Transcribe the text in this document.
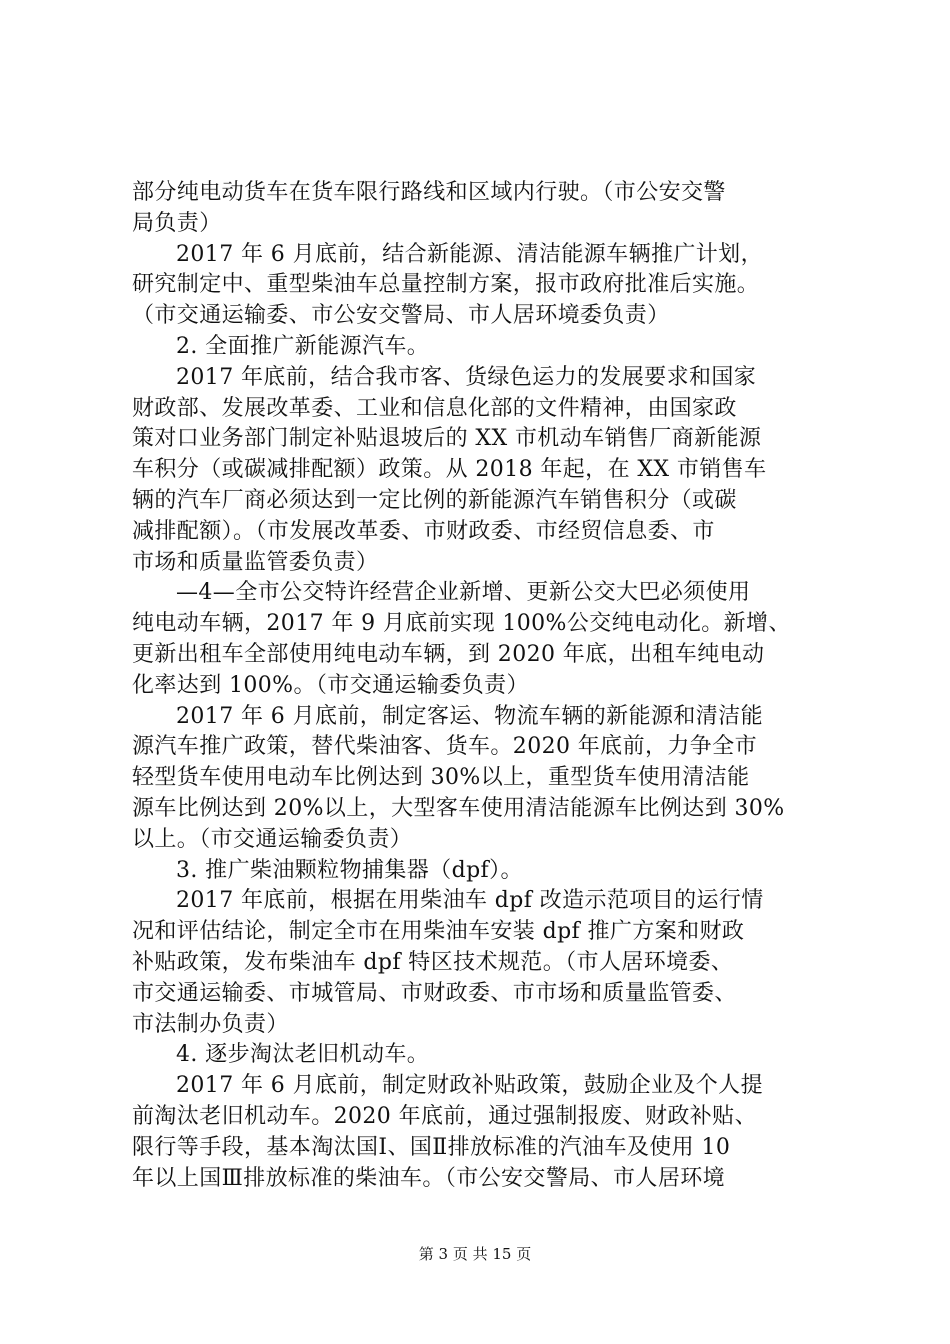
部分纯电动货车在货车限行路线和区域内行驶。（市公安交警
局负责）
2017 年 6 月底前，结合新能源、清洁能源车辆推广计划，
研究制定中、重型柴油车总量控制方案，报市政府批准后实施。
（市交通运输委、市公安交警局、市人居环境委负责）
2. 全面推广新能源汽车。
2017 年底前，结合我市客、货绿色运力的发展要求和国家
财政部、发展改革委、工业和信息化部的文件精神，由国家政
策对口业务部门制定补贴退坡后的 XX 市机动车销售厂商新能源
车积分（或碳减排配额）政策。从 2018 年起，在 XX 市销售车
辆的汽车厂商必须达到一定比例的新能源汽车销售积分（或碳
减排配额）。（市发展改革委、市财政委、市经贸信息委、市
市场和质量监管委负责）
—4—全市公交特许经营企业新增、更新公交大巴必须使用
纯电动车辆，2017 年 9 月底前实现 100%公交纯电动化。新增、
更新出租车全部使用纯电动车辆，到 2020 年底，出租车纯电动
化率达到 100%。（市交通运输委负责）
2017 年 6 月底前，制定客运、物流车辆的新能源和清洁能
源汽车推广政策，替代柴油客、货车。2020 年底前，力争全市
轻型货车使用电动车比例达到 30%以上，重型货车使用清洁能
源车比例达到 20%以上，大型客车使用清洁能源车比例达到 30%
以上。（市交通运输委负责）
3. 推广柴油颗粒物捕集器（dpf）。
2017 年底前，根据在用柴油车 dpf 改造示范项目的运行情
况和评估结论，制定全市在用柴油车安装 dpf 推广方案和财政
补贴政策，发布柴油车 dpf 特区技术规范。（市人居环境委、
市交通运输委、市城管局、市财政委、市市场和质量监管委、
市法制办负责）
4. 逐步淘汰老旧机动车。
2017 年 6 月底前，制定财政补贴政策，鼓励企业及个人提
前淘汰老旧机动车。2020 年底前，通过强制报废、财政补贴、
限行等手段，基本淘汰国Ⅰ、国Ⅱ排放标准的汽油车及使用 10
年以上国Ⅲ排放标准的柴油车。（市公安交警局、市人居环境
第 3 页 共 15 页
